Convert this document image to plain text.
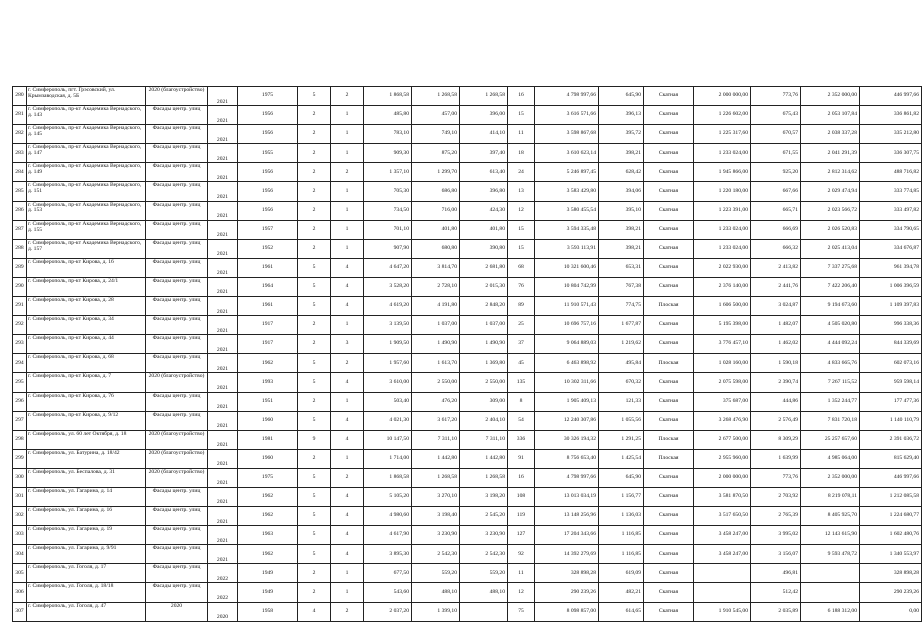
280	г. Симферополь, пгт. Грэсовский, ул. Крымзаводская, д. 5Б	2020 (благоустройство)	2021	1975	5	2	1 868,58	1 268,58	1 268,58	16	4 798 997,66	645,90	Скатная	2 000 000,00	773,76	2 352 000,00	446 997,66
281	г. Симферополь, пр-кт Академика Вернадского, д. 143	Фасады центр. улиц	2021	1956	2	1	485,80	457,00	396,00	15	3 616 571,66	396,13	Скатная	1 226 602,00	675,43	2 053 107,84	336 861,82
282	г. Симферополь, пр-кт Академика Вернадского, д. 145	Фасады центр. улиц	2021	1956	2	1	783,10	749,10	414,10	11	3 598 867,68	395,72	Скатная	1 225 317,60	670,57	2 038 337,28	335 212,80
283	г. Симферополь, пр-кт Академика Вернадского, д. 147	Фасады центр. улиц	2021	1955	2	1	909,30	875,20	397,40	18	3 610 623,14	398,21	Скатная	1 233 024,00	671,55	2 041 291,39	336 307,75
284	г. Симферополь, пр-кт Академика Вернадского, д. 149	Фасады центр. улиц	2021	1956	2	2	1 357,10	1 299,70	613,40	24	5 246 897,45	628,42	Скатная	1 945 866,00	925,20	2 812 314,62	488 716,82
285	г. Симферополь, пр-кт Академика Вернадского, д. 151	Фасады центр. улиц	2021	1956	2	1	705,30	686,80	396,80	13	3 583 429,80	394,06	Скатная	1 220 180,00	667,66	2 029 474,94	333 774,85
286	г. Симферополь, пр-кт Академика Вернадского, д. 153	Фасады центр. улиц	2021	1956	2	1	734,50	716,00	424,30	12	3 580 455,54	395,10	Скатная	1 223 391,00	665,71	2 023 566,72	333 497,82
287	г. Симферополь, пр-кт Академика Вернадского, д. 155	Фасады центр. улиц	2021	1957	2	1	701,10	401,80	401,80	15	3 594 335,48	398,21	Скатная	1 233 024,00	666,69	2 026 520,83	334 790,65
288	г. Симферополь, пр-кт Академика Вернадского, д. 157	Фасады центр. улиц	2021	1952	2	1	907,90	680,80	390,80	15	3 593 113,91	398,21	Скатная	1 233 024,00	666,32	2 025 413,04	334 676,87
289	г. Симферополь, пр-кт Кирова, д. 16	Фасады центр. улиц	2021	1961	5	4	4 647,20	3 814,70	2 681,80	68	10 321 600,46	653,31	Скатная	2 022 930,00	2 413,82	7 337 275,68	961 394,78
290	г. Симферополь, пр-кт Кирова, д. 24/1	Фасады центр. улиц	2021	1964	5	4	3 528,20	2 728,10	2 015,30	76	10 804 742,99	767,38	Скатная	2 376 140,00	2 441,76	7 422 206,40	1 006 396,59
291	г. Симферополь, пр-кт Кирова, д. 28	Фасады центр. улиц	2021	1961	5	4	4 619,20	4 191,80	2 848,20	89	11 910 571,43	774,75	Плоская	1 606 500,00	3 024,87	9 194 673,60	1 109 397,83
292	г. Симферополь, пр-кт Кирова, д. 34	Фасады центр. улиц	2021	1917	2	1	3 139,50	1 037,00	1 037,00	25	10 696 757,16	1 677,87	Скатная	5 195 398,00	1 482,07	4 505 020,80	996 338,36
293	г. Симферополь, пр-кт Кирова, д. 44	Фасады центр. улиц	2021	1917	2	3	1 909,50	1 490,90	1 490,90	37	9 064 889,03	1 219,62	Скатная	3 776 457,10	1 462,02	4 444 092,24	844 339,69
294	г. Симферополь, пр-кт Кирова, д. 68	Фасады центр. улиц	2021	1962	5	2	1 957,60	1 613,70	1 369,80	45	6 463 898,92	495,84	Плоская	1 028 160,00	1 590,18	4 833 665,76	602 073,16
295	г. Симферополь, пр-кт Кирова, д. 7	2020 (благоустройство)	2021	1993	5	4	3 610,00	2 550,00	2 550,00	135	10 302 311,66	670,32	Скатная	2 075 598,00	2 390,74	7 267 115,52	959 598,14
296	г. Симферополь, пр-кт Кирова, д. 76	Фасады центр. улиц	2021	1951	2	1	503,40	476,20	309,00	8	1 905 409,13	121,33	Скатная	375 687,00	444,86	1 352 244,77	177 477,36
297	г. Симферополь, пр-кт Кирова, д. 9/12	Фасады центр. улиц	2021	1960	5	4	4 021,30	3 617,20	2 404,10	54	12 240 307,86	1 055,56	Скатная	3 268 476,90	2 576,49	7 831 720,18	1 140 110,79
298	г. Симферополь, ул. 60 лет Октября, д. 18	2020 (благоустройство)	2021	1981	9	4	10 147,50	7 311,10	7 311,10	336	30 326 194,32	1 291,25	Плоская	2 677 500,00	8 309,29	25 257 657,60	2 391 036,72
299	г. Симферополь, ул. Батурина, д. 18/42	2020 (благоустройство)	2021	1960	2	1	1 714,00	1 442,80	1 442,80	91	8 756 653,40	1 425,54	Плоская	2 955 960,00	1 639,99	4 985 064,00	815 629,40
300	г. Симферополь, ул. Беспалова, д. 31	2020 (благоустройство)	2021	1975	5	2	1 868,58	1 268,58	1 268,58	16	4 798 997,66	645,90	Скатная	2 000 000,00	773,76	2 352 000,00	446 997,66
301	г. Симферополь, ул. Гагарина, д. 14	Фасады центр. улиц	2021	1962	5	4	5 105,20	3 270,10	3 198,20	108	13 013 034,19	1 156,77	Скатная	3 581 870,50	2 703,92	8 219 078,11	1 212 085,58
302	г. Симферополь, ул. Гагарина, д. 16	Фасады центр. улиц	2021	1962	5	4	4 980,60	3 198,40	2 545,20	119	13 148 256,96	1 136,03	Скатная	3 517 650,50	2 765,39	8 405 925,70	1 224 680,77
303	г. Симферополь, ул. Гагарина, д. 19	Фасады центр. улиц	2021	1963	5	4	4 617,90	3 230,90	3 230,90	127	17 204 343,66	1 116,85	Скатная	3 458 247,00	3 995,02	12 143 615,90	1 602 480,76
304	г. Симферополь, ул. Гагарина, д. 9/91	Фасады центр. улиц	2021	1962	5	4	3 895,30	2 542,30	2 542,30	92	14 392 279,69	1 116,85	Скатная	3 458 247,00	3 156,07	9 593 478,72	1 340 553,97
305	г. Симферополь, ул. Гоголя, д. 17	Фасады центр. улиц	2022	1949	2	1	677,50	559,20	559,20	11	328 898,28	619,09	Скатная		496,81		328 898,28
306	г. Симферополь, ул. Гоголя, д. 18/18	Фасады центр. улиц	2022	1949	2	1	543,60	488,10	488,10	12	290 239,26	482,21	Скатная		512,42		290 239,26
307	г. Симферополь, ул. Гоголя, д. 47	2020	2020	1958	4	2	2 037,20	1 399,10		75	8 098 857,00	614,65	Скатная	1 910 545,00	2 035,89	6 188 312,00	0,00
